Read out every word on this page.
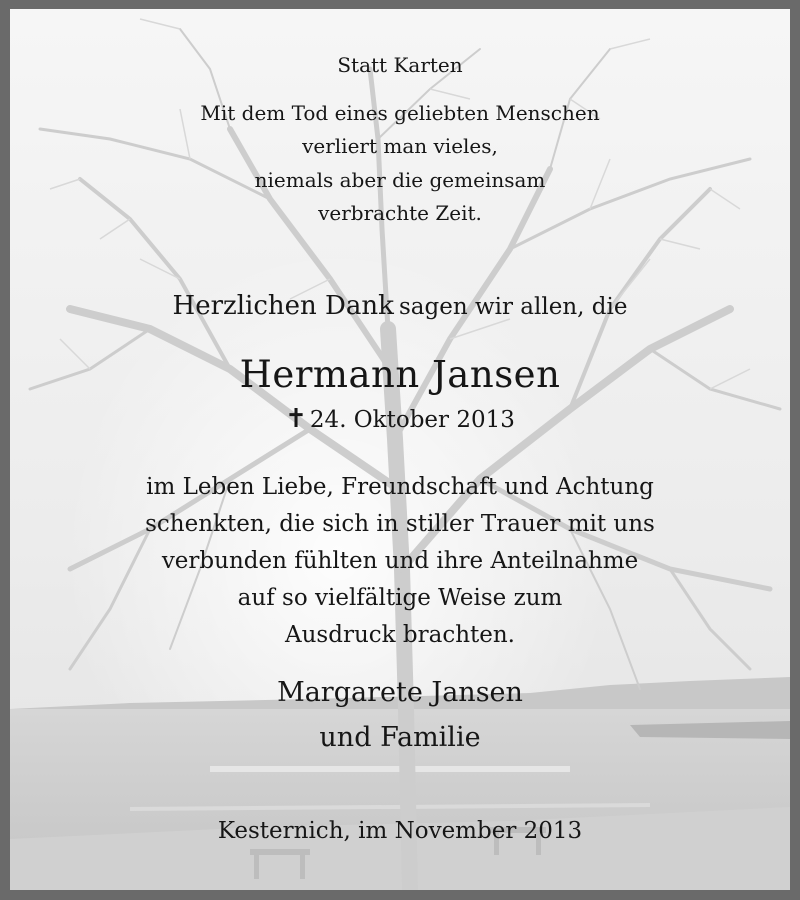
Statt Karten
Mit dem Tod eines geliebten Menschen
verliert man vieles,
niemals aber die gemeinsam
verbrachte Zeit.
Herzlichen Dank sagen wir allen, die
Hermann Jansen
✝ 24. Oktober 2013
im Leben Liebe, Freundschaft und Achtung
schenkten, die sich in stiller Trauer mit uns
verbunden fühlten und ihre Anteilnahme
auf so vielfältige Weise zum
Ausdruck brachten.
Margarete Jansen
und Familie
Kesternich, im November 2013
